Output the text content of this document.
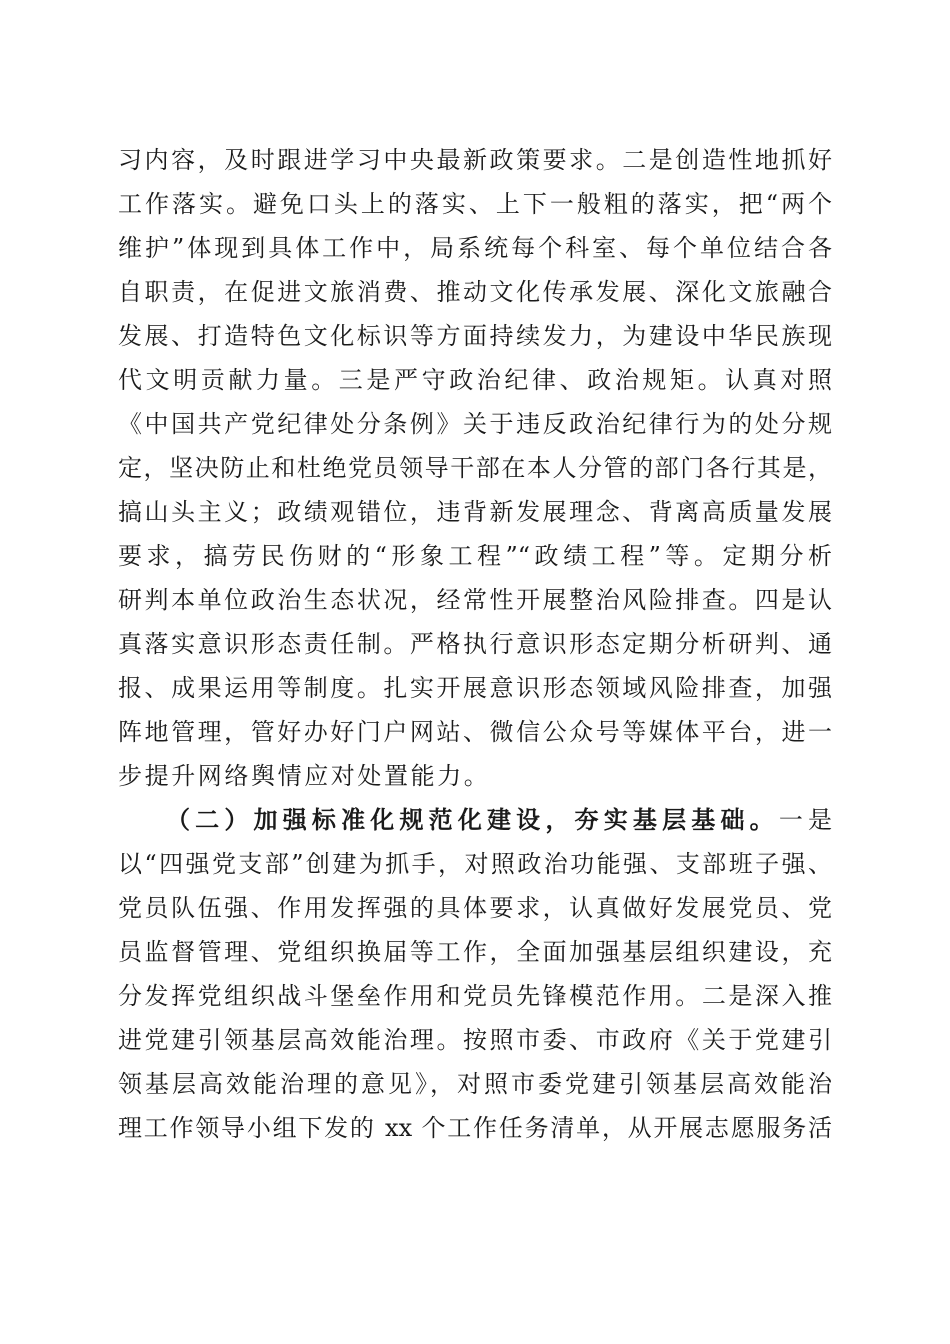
习内容，及时跟进学习中央最新政策要求。二是创造性地抓好
工作落实。避免口头上的落实、上下一般粗的落实，把“两个
维护”体现到具体工作中，局系统每个科室、每个单位结合各
自职责，在促进文旅消费、推动文化传承发展、深化文旅融合
发展、打造特色文化标识等方面持续发力，为建设中华民族现
代文明贡献力量。三是严守政治纪律、政治规矩。认真对照
《中国共产党纪律处分条例》关于违反政治纪律行为的处分规
定，坚决防止和杜绝党员领导干部在本人分管的部门各行其是，
搞山头主义；政绩观错位，违背新发展理念、背离高质量发展
要求，搞劳民伤财的“形象工程”“政绩工程”等。定期分析
研判本单位政治生态状况，经常性开展整治风险排查。四是认
真落实意识形态责任制。严格执行意识形态定期分析研判、通
报、成果运用等制度。扎实开展意识形态领域风险排查，加强
阵地管理，管好办好门户网站、微信公众号等媒体平台，进一
步提升网络舆情应对处置能力。
（二）加强标准化规范化建设，夯实基层基础。一是
以“四强党支部”创建为抓手，对照政治功能强、支部班子强、
党员队伍强、作用发挥强的具体要求，认真做好发展党员、党
员监督管理、党组织换届等工作，全面加强基层组织建设，充
分发挥党组织战斗堡垒作用和党员先锋模范作用。二是深入推
进党建引领基层高效能治理。按照市委、市政府《关于党建引
领基层高效能治理的意见》，对照市委党建引领基层高效能治
理工作领导小组下发的 xx 个工作任务清单，从开展志愿服务活
